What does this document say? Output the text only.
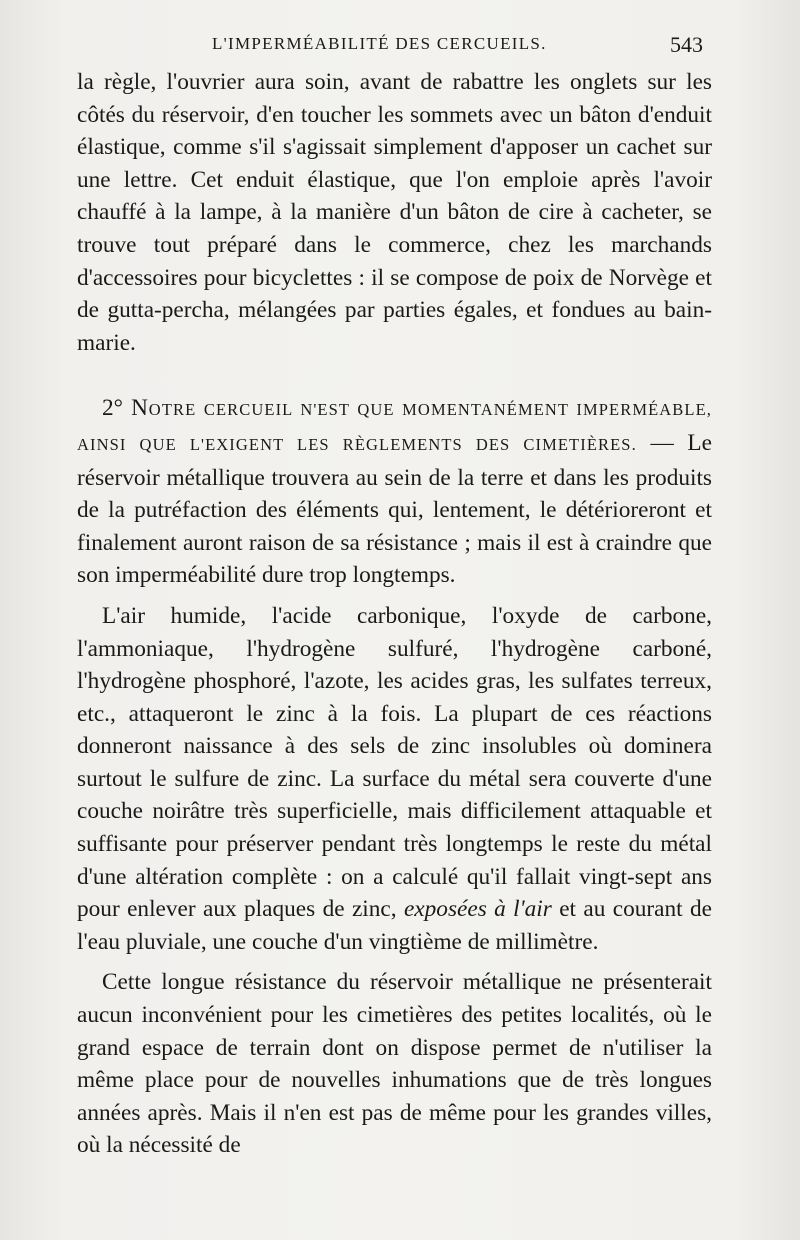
L'IMPERMÉABILITÉ DES CERCUEILS.	543

la règle, l'ouvrier aura soin, avant de rabattre les onglets sur les côtés du réservoir, d'en toucher les sommets avec un bâton d'enduit élastique, comme s'il s'agissait simplement d'apposer un cachet sur une lettre. Cet enduit élastique, que l'on emploie après l'avoir chauffé à la lampe, à la manière d'un bâton de cire à cacheter, se trouve tout préparé dans le commerce, chez les marchands d'accessoires pour bicyclettes : il se compose de poix de Norvège et de gutta-percha, mélangées par parties égales, et fondues au bain-marie.

2° NOTRE CERCUEIL N'EST QUE MOMENTANÉMENT IMPERMÉABLE, AINSI QUE L'EXIGENT LES RÈGLEMENTS DES CIMETIÈRES. — Le réservoir métallique trouvera au sein de la terre et dans les produits de la putréfaction des éléments qui, lentement, le détérioreront et finalement auront raison de sa résistance ; mais il est à craindre que son imperméabilité dure trop longtemps.

L'air humide, l'acide carbonique, l'oxyde de carbone, l'ammoniaque, l'hydrogène sulfuré, l'hydrogène carboné, l'hydrogène phosphoré, l'azote, les acides gras, les sulfates terreux, etc., attaqueront le zinc à la fois. La plupart de ces réactions donneront naissance à des sels de zinc insolubles où dominera surtout le sulfure de zinc. La surface du métal sera couverte d'une couche noirâtre très superficielle, mais difficilement attaquable et suffisante pour préserver pendant très longtemps le reste du métal d'une altération complète : on a calculé qu'il fallait vingt-sept ans pour enlever aux plaques de zinc, exposées à l'air et au courant de l'eau pluviale, une couche d'un vingtième de millimètre.

Cette longue résistance du réservoir métallique ne présenterait aucun inconvénient pour les cimetières des petites localités, où le grand espace de terrain dont on dispose permet de n'utiliser la même place pour de nouvelles inhumations que de très longues années après. Mais il n'en est pas de même pour les grandes villes, où la nécessité de
